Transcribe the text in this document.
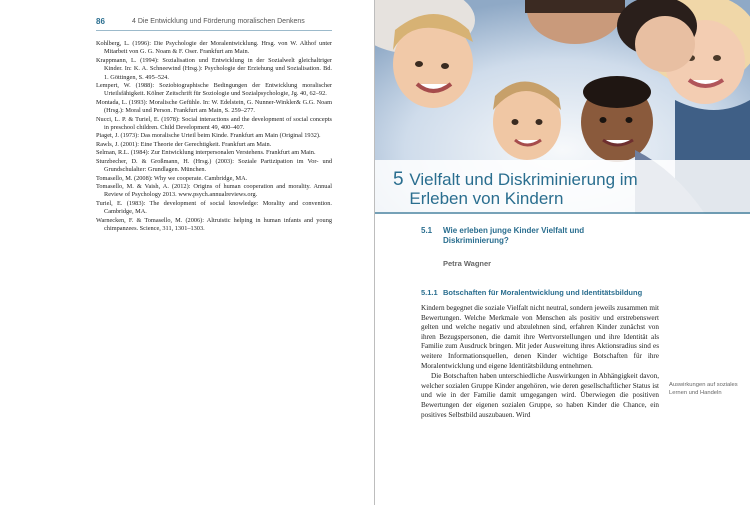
86	4 Die Entwicklung und Förderung moralischen Denkens

Kohlberg, L. (1996): Die Psychologie der Moralentwicklung. Hrsg. von W. Althof unter Mitarbeit von G. G. Noam & F. Oser. Frankfurt am Main.

Krappmann, L. (1994): Sozialisation und Entwicklung in der Sozialwelt gleichaltriger Kinder. In: K. A. Schneewind (Hrsg.): Psychologie der Erziehung und Sozialisation. Bd. 1. Göttingen, S. 495–524.

Lempert, W. (1988): Soziobiographische Bedingungen der Entwicklung moralischer Urteilsfähigkeit. Kölner Zeitschrift für Soziologie und Sozialpsychologie, Jg. 40, 62–92.

Montada, L. (1993): Moralische Gefühle. In: W. Edelstein, G. Nunner-Winkler& G.G. Noam (Hrsg.): Moral und Person. Frankfurt am Main, S. 259–277.

Nucci, L. P. & Turiel, E. (1978): Social interactions and the development of social concepts in preschool children. Child Development 49, 400–407.

Piaget, J. (1973): Das moralische Urteil beim Kinde. Frankfurt am Main (Original 1932).

Rawls, J. (2001): Eine Theorie der Gerechtigkeit. Frankfurt am Main.

Selman, R.L. (1984): Zur Entwicklung interpersonalen Verstehens. Frankfurt am Main.

Sturzbecher, D. & Großmann, H. (Hrsg.) (2003): Soziale Partizipation im Vor- und Grundschulalter: Grundlagen. München.

Tomasello, M. (2008): Why we cooperate. Cambridge, MA.

Tomasello, M. & Vaish, A. (2012): Origins of human cooperation and morality. Annual Review of Psychology 2013. www.psych.annualreviews.org.

Turiel, E. (1983): The development of social knowledge: Morality and convention. Cambridge, MA.

Warnecken, F. & Tomasello, M. (2006): Altruistic helping in human infants and young chimpanzees. Science, 311, 1301–1303.

5 Vielfalt und Diskriminierung im Erleben von Kindern
5.1	Wie erleben junge Kinder Vielfalt und Diskriminierung?
Petra Wagner
5.1.1 Botschaften für Moralentwicklung und Identitätsbildung

Kindern begegnet die soziale Vielfalt nicht neutral, sondern jeweils zusammen mit Bewertungen. Welche Merkmale von Menschen als positiv und erstrebenswert gelten und welche negativ und abzulehnen sind, erfahren Kinder zunächst von ihren Bezugspersonen, die damit ihre Wertvorstellungen und ihre Identität als Familie zum Ausdruck bringen. Mit jeder Ausweitung ihres Aktionsradius sind es weitere Informationsquellen, denen Kinder wichtige Botschaften für ihre Moralentwicklung und eigene Identitätsbildung entnehmen.

Die Botschaften haben unterschiedliche Auswirkungen in Abhängigkeit davon, welcher sozialen Gruppe Kinder angehören, wie deren gesellschaftlicher Status ist und wie in der Familie damit umgegangen wird. Überwiegen die positiven Bewertungen der eigenen sozialen Gruppe, so haben Kinder die Chance, ein positives Selbstbild auszubauen. Wird

Auswirkungen auf soziales Lernen und Handeln
